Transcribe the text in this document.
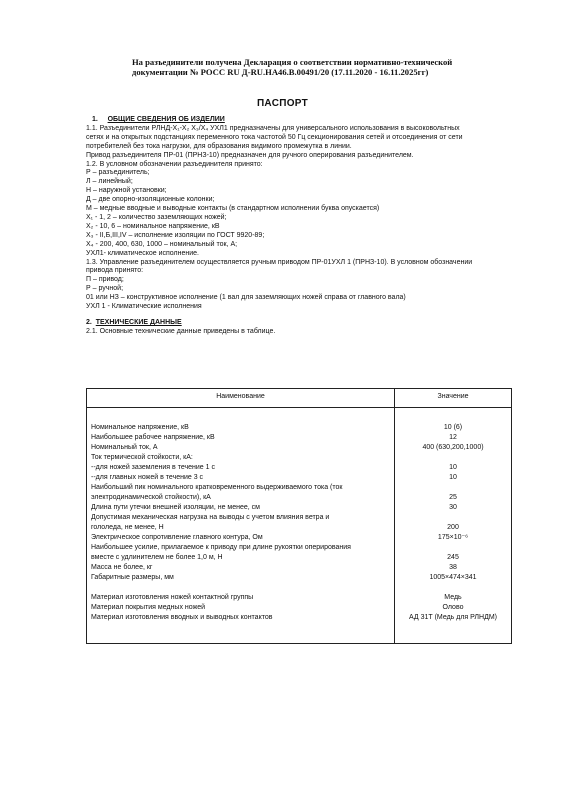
На разъединители получена Декларация о соответствии нормативно-технической
документации № РОСС RU Д-RU.НА46.В.00491/20 (17.11.2020 - 16.11.2025гг)
ПАСПОРТ
1. ОБЩИЕ СВЕДЕНИЯ ОБ ИЗДЕЛИИ
1.1. Разъединители РЛНД-X₁-X₂ X₃/X₄ УХЛ1 предназначены для универсального использования в высоковольтных
сетях и на открытых подстанциях переменного тока частотой 50 Гц секционирования сетей и отсоединения от сети
потребителей без тока нагрузки, для образования видимого промежутка в линии.
Привод разъединителя ПР-01 (ПРНЗ-10) предназначен для ручного оперирования разъединителем.
1.2. В условном обозначении разъединителя принято:
Р – разъединитель;
Л – линейный;
Н – наружной установки;
Д – две опорно-изоляционные колонки;
М – медные вводные и выводные контакты (в стандартном исполнении буква опускается)
X₁ - 1, 2 – количество заземляющих ножей;
X₂ - 10, 6 – номинальное напряжение, кВ
X₃ - II,Б,III,IV – исполнение изоляции по ГОСТ 9920-89;
X₄ - 200, 400, 630, 1000 – номинальный ток, А;
УХЛ1- климатическое исполнение.
1.3. Управление разъединителем осуществляется ручным приводом ПР-01УХЛ 1 (ПРНЗ-10). В условном обозначении
привода принято:
П – привод;
Р – ручной;
01 или НЗ – конструктивное исполнение (1 вал для заземляющих ножей справа от главного вала)
УХЛ 1 - Климатические исполнения
2. ТЕХНИЧЕСКИЕ ДАННЫЕ
2.1. Основные технические данные приведены в таблице.
Наименование	Значение
Номинальное напряжение, кВ	10 (6)
Наибольшее рабочее напряжение, кВ	12
Номинальный ток, А	400 (630,200,1000)
Ток термической стойкости, кА:
--для ножей заземления в течение 1 с	10
--для главных ножей в течение 3 с	10
Наибольший пик номинального кратковременного выдерживаемого тока (ток
электродинамической стойкости), кА	25
Длина пути утечки внешней изоляции, не менее, см	30
Допустимая механическая нагрузка на выводы с учетом влияния ветра и
гололеда, не менее, Н	200
Электрическое сопротивление главного контура, Ом	175×10⁻⁶
Наибольшее усилие, прилагаемое к приводу при длине рукоятки оперирования
вместе с удлинителем не более 1,0 м, Н	245
Масса не более, кг	38
Габаритные размеры, мм	1005×474×341
Материал изготовления ножей контактной группы	Медь
Материал покрытия медных ножей	Олово
Материал изготовления вводных и выводных контактов	АД 31Т (Медь для РЛНДМ)
